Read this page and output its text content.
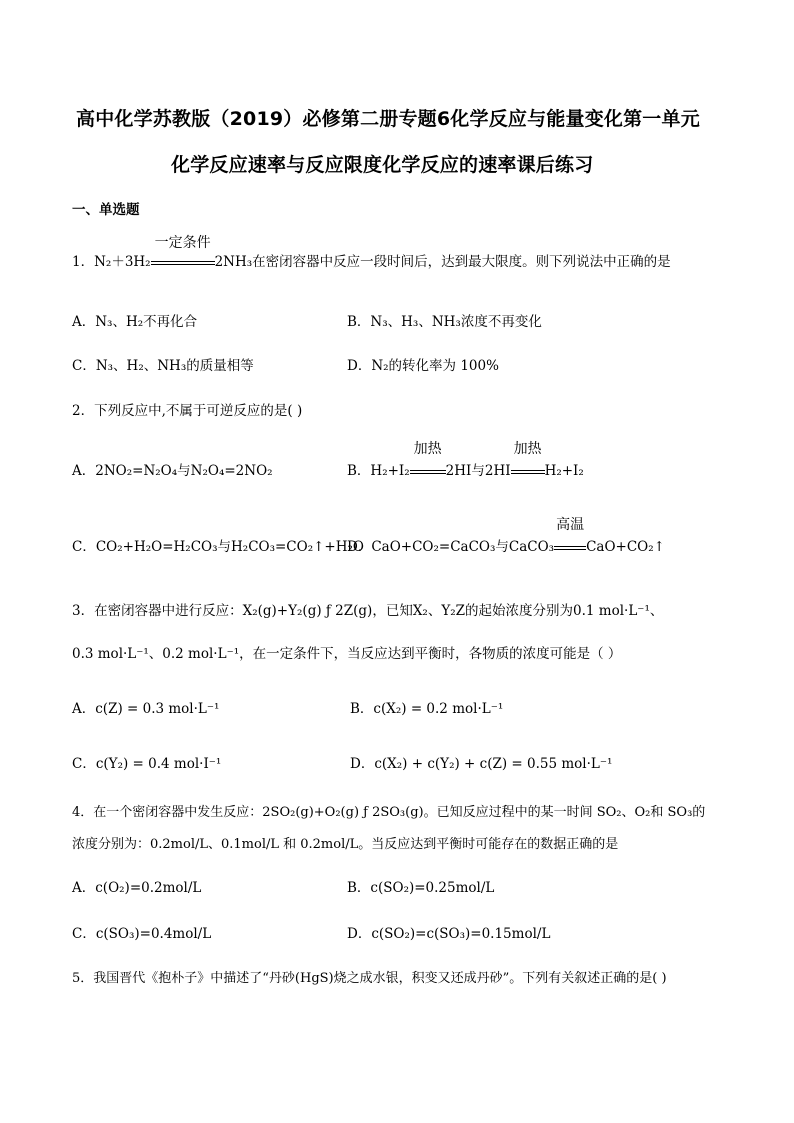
高中化学苏教版（2019）必修第二册专题6化学反应与能量变化第一单元
化学反应速率与反应限度化学反应的速率课后练习
一、单选题
1．N₂＋3H₂
一定条件
2NH₃在密闭容器中反应一段时间后，达到最大限度。则下列说法中正确的是
A．N₃、H₂不再化合	B．N₃、H₃、NH₃浓度不再变化
C．N₃、H₂、NH₃的质量相等	D．N₂的转化率为 100%
2．下列反应中,不属于可逆反应的是( )
A．2NO₂=N₂O₄与N₂O₄=2NO₂	B．H₂+I₂
加热
2HI与2HI
加热
H₂+I₂
C．CO₂+H₂O=H₂CO₃与H₂CO₃=CO₂↑+H₂O
D．CaO+CO₂=CaCO₃与CaCO₃
高温
CaO+CO₂↑
3．在密闭容器中进行反应：X₂(g)+Y₂(g) ƒ 2Z(g)，已知X₂、Y₂Z的起始浓度分别为0.1 mol·L⁻¹、
0.3 mol·L⁻¹、0.2 mol·L⁻¹，在一定条件下，当反应达到平衡时，各物质的浓度可能是（ ）
A．c(Z) = 0.3 mol·L⁻¹	B．c(X₂) = 0.2 mol·L⁻¹
C．c(Y₂) = 0.4 mol·I⁻¹	D．c(X₂) + c(Y₂) + c(Z) = 0.55 mol·L⁻¹
4．在一个密闭容器中发生反应：2SO₂(g)+O₂(g) ƒ 2SO₃(g)。已知反应过程中的某一时间 SO₂、O₂和 SO₃的
浓度分别为：0.2mol/L、0.1mol/L 和 0.2mol/L。当反应达到平衡时可能存在的数据正确的是
A．c(O₂)=0.2mol/L	B．c(SO₂)=0.25mol/L
C．c(SO₃)=0.4mol/L	D．c(SO₂)=c(SO₃)=0.15mol/L
5．我国晋代《抱朴子》中描述了“丹砂(HgS)烧之成水银，积变又还成丹砂”。下列有关叙述正确的是( )
